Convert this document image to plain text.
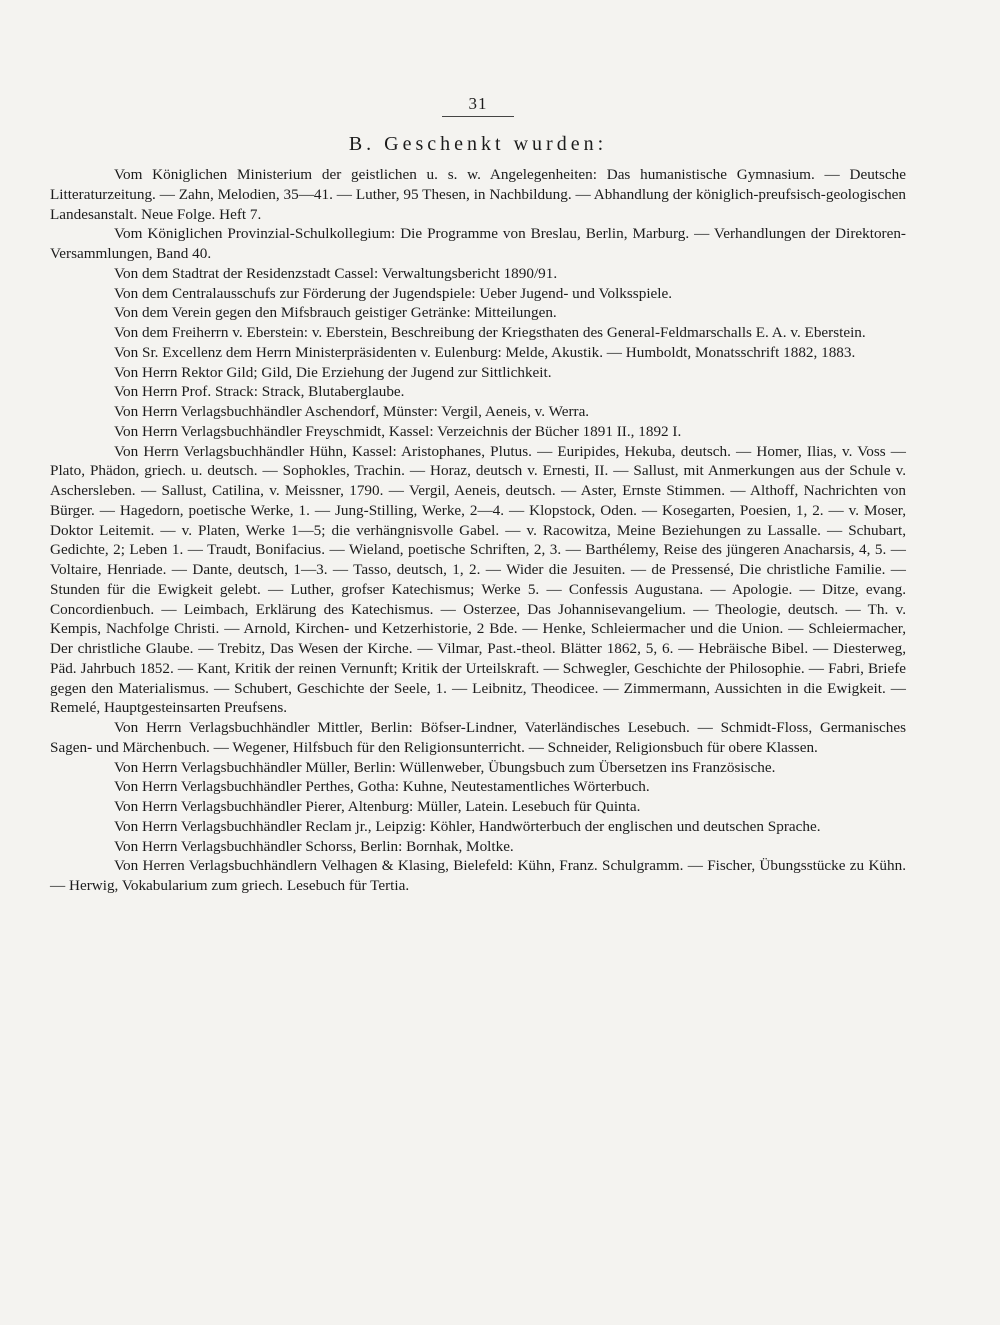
31
B. Geschenkt wurden:

Vom Königlichen Ministerium der geistlichen u. s. w. Angelegenheiten: Das humanistische Gymnasium. — Deutsche Litteraturzeitung. — Zahn, Melodien, 35—41. — Luther, 95 Thesen, in Nachbildung. — Abhandlung der königlich-preufsisch-geologischen Landesanstalt. Neue Folge. Heft 7.

Vom Königlichen Provinzial-Schulkollegium: Die Programme von Breslau, Berlin, Marburg. — Verhandlungen der Direktoren-Versammlungen, Band 40.

Von dem Stadtrat der Residenzstadt Cassel: Verwaltungsbericht 1890/91.

Von dem Centralausschufs zur Förderung der Jugendspiele: Ueber Jugend- und Volksspiele.

Von dem Verein gegen den Mifsbrauch geistiger Getränke: Mitteilungen.

Von dem Freiherrn v. Eberstein: v. Eberstein, Beschreibung der Kriegsthaten des General-Feldmarschalls E. A. v. Eberstein.

Von Sr. Excellenz dem Herrn Ministerpräsidenten v. Eulenburg: Melde, Akustik. — Humboldt, Monatsschrift 1882, 1883.

Von Herrn Rektor Gild; Gild, Die Erziehung der Jugend zur Sittlichkeit.

Von Herrn Prof. Strack: Strack, Blutaberglaube.

Von Herrn Verlagsbuchhändler Aschendorf, Münster: Vergil, Aeneis, v. Werra.

Von Herrn Verlagsbuchhändler Freyschmidt, Kassel: Verzeichnis der Bücher 1891 II., 1892 I.

Von Herrn Verlagsbuchhändler Hühn, Kassel: Aristophanes, Plutus. — Euripides, Hekuba, deutsch. — Homer, Ilias, v. Voss — Plato, Phädon, griech. u. deutsch. — Sophokles, Trachin. — Horaz, deutsch v. Ernesti, II. — Sallust, mit Anmerkungen aus der Schule v. Aschersleben. — Sallust, Catilina, v. Meissner, 1790. — Vergil, Aeneis, deutsch. — Aster, Ernste Stimmen. — Althoff, Nachrichten von Bürger. — Hagedorn, poetische Werke, 1. — Jung-Stilling, Werke, 2—4. — Klopstock, Oden. — Kosegarten, Poesien, 1, 2. — v. Moser, Doktor Leitemit. — v. Platen, Werke 1—5; die verhängnisvolle Gabel. — v. Racowitza, Meine Beziehungen zu Lassalle. — Schubart, Gedichte, 2; Leben 1. — Traudt, Bonifacius. — Wieland, poetische Schriften, 2, 3. — Barthélemy, Reise des jüngeren Anacharsis, 4, 5. — Voltaire, Henriade. — Dante, deutsch, 1—3. — Tasso, deutsch, 1, 2. — Wider die Jesuiten. — de Pressensé, Die christliche Familie. — Stunden für die Ewigkeit gelebt. — Luther, grofser Katechismus; Werke 5. — Confessis Augustana. — Apologie. — Ditze, evang. Concordienbuch. — Leimbach, Erklärung des Katechismus. — Osterzee, Das Johannisevangelium. — Theologie, deutsch. — Th. v. Kempis, Nachfolge Christi. — Arnold, Kirchen- und Ketzerhistorie, 2 Bde. — Henke, Schleiermacher und die Union. — Schleiermacher, Der christliche Glaube. — Trebitz, Das Wesen der Kirche. — Vilmar, Past.-theol. Blätter 1862, 5, 6. — Hebräische Bibel. — Diesterweg, Päd. Jahrbuch 1852. — Kant, Kritik der reinen Vernunft; Kritik der Urteilskraft. — Schwegler, Geschichte der Philosophie. — Fabri, Briefe gegen den Materialismus. — Schubert, Geschichte der Seele, 1. — Leibnitz, Theodicee. — Zimmermann, Aussichten in die Ewigkeit. — Remelé, Hauptgesteinsarten Preufsens.

Von Herrn Verlagsbuchhändler Mittler, Berlin: Böfser-Lindner, Vaterländisches Lesebuch. — Schmidt-Floss, Germanisches Sagen- und Märchenbuch. — Wegener, Hilfsbuch für den Religionsunterricht. — Schneider, Religionsbuch für obere Klassen.

Von Herrn Verlagsbuchhändler Müller, Berlin: Wüllenweber, Übungsbuch zum Übersetzen ins Französische.

Von Herrn Verlagsbuchhändler Perthes, Gotha: Kuhne, Neutestamentliches Wörterbuch.

Von Herrn Verlagsbuchhändler Pierer, Altenburg: Müller, Latein. Lesebuch für Quinta.

Von Herrn Verlagsbuchhändler Reclam jr., Leipzig: Köhler, Handwörterbuch der englischen und deutschen Sprache.

Von Herrn Verlagsbuchhändler Schorss, Berlin: Bornhak, Moltke.

Von Herren Verlagsbuchhändlern Velhagen & Klasing, Bielefeld: Kühn, Franz. Schulgramm. — Fischer, Übungsstücke zu Kühn. — Herwig, Vokabularium zum griech. Lesebuch für Tertia.
